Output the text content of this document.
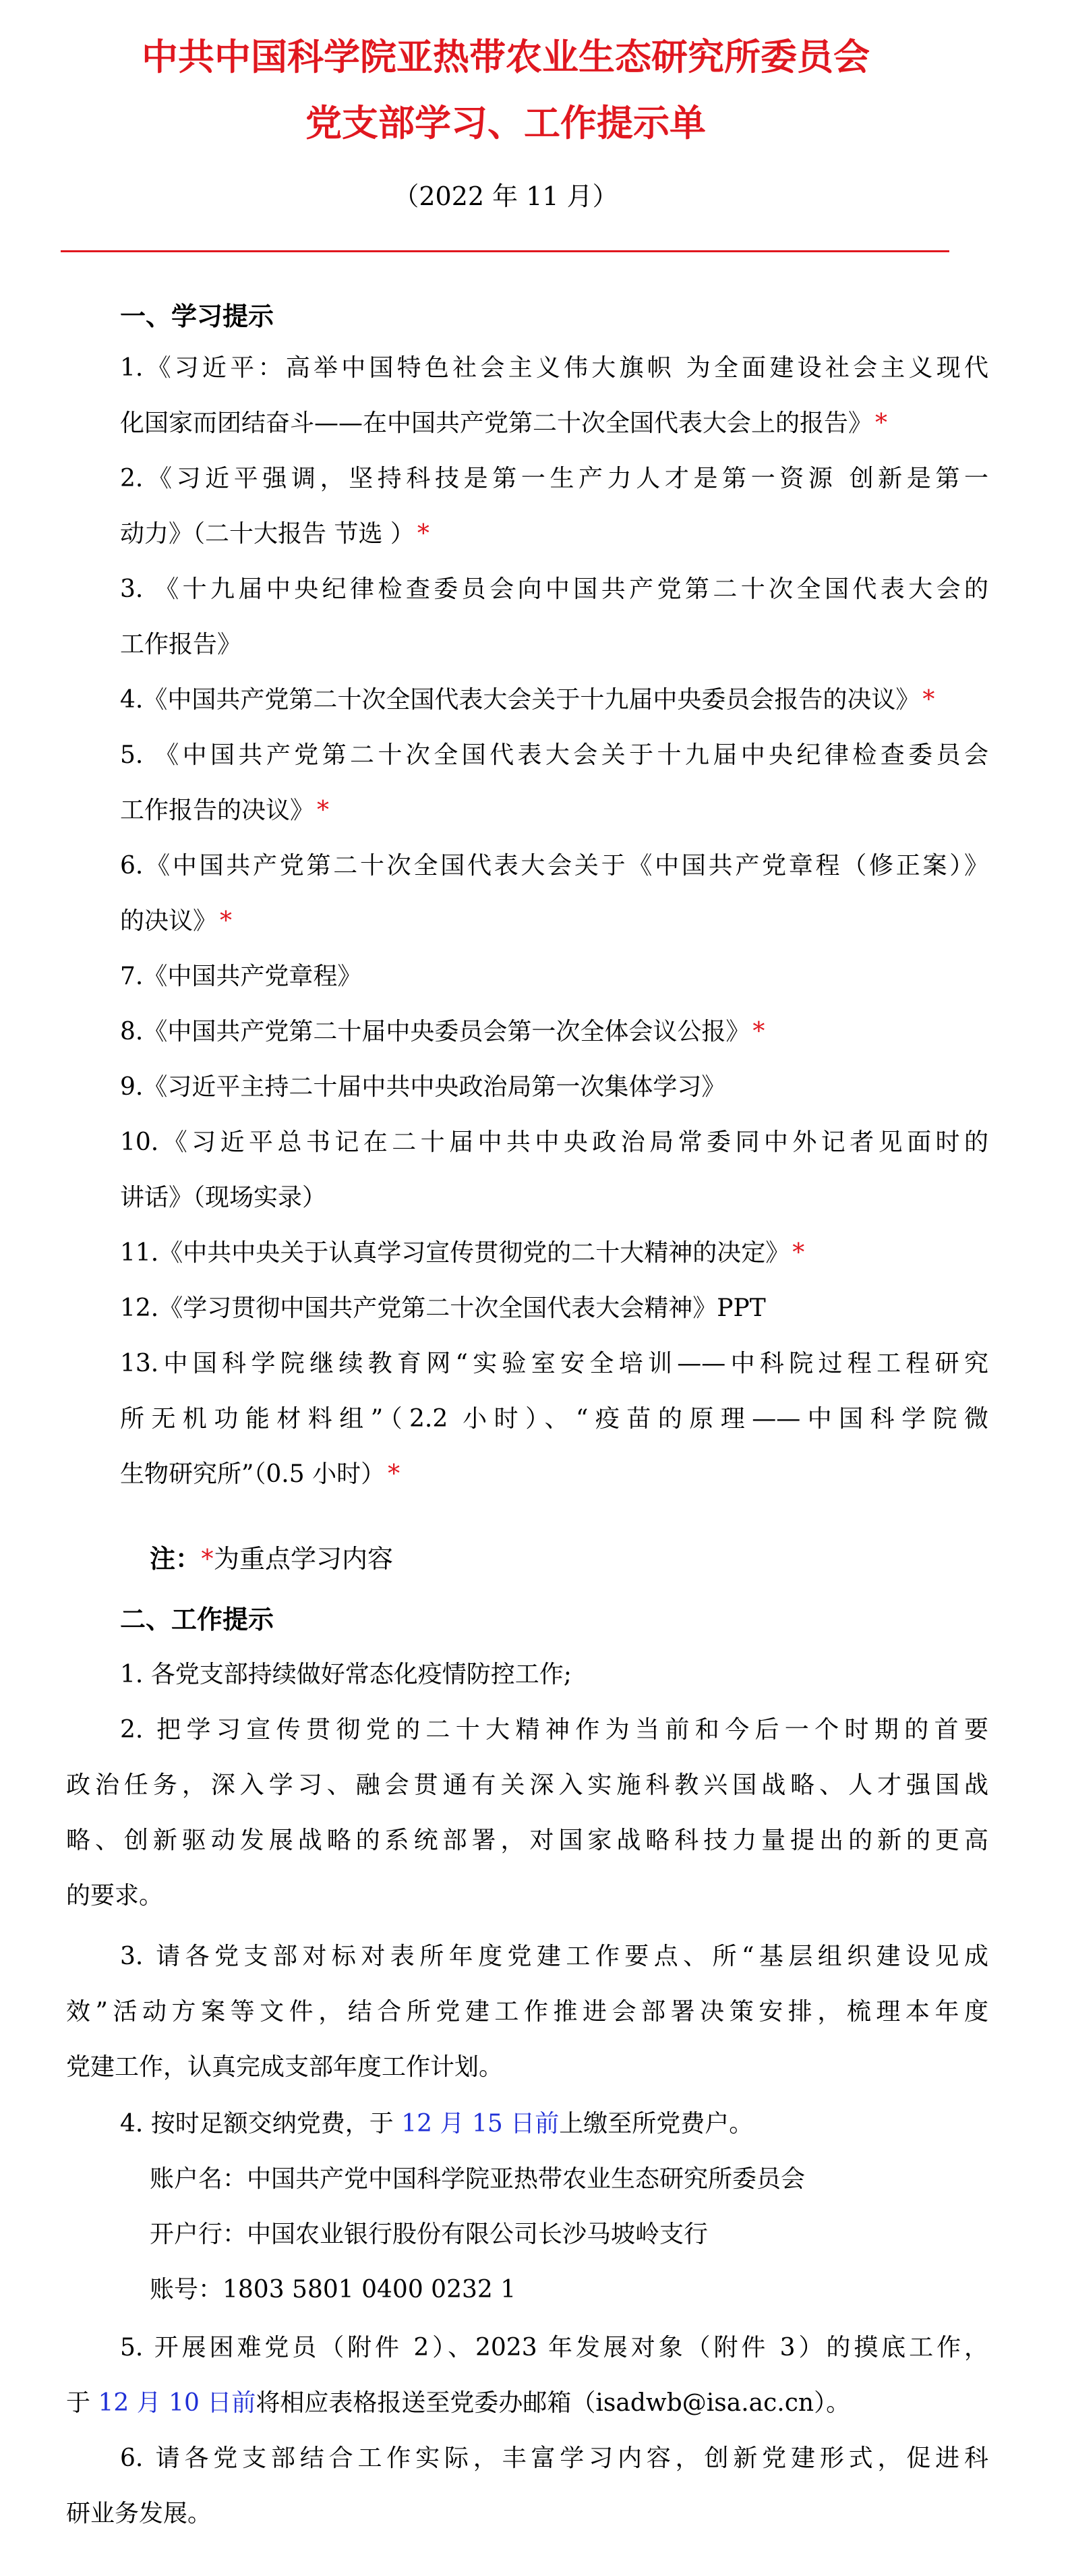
中共中国科学院亚热带农业生态研究所委员会
党支部学习、工作提示单
（2022 年 11 月）
一、学习提示
1.《习近平：高举中国特色社会主义伟大旗帜 为全面建设社会主义现代
化国家而团结奋斗——在中国共产党第二十次全国代表大会上的报告》 *
2.《习近平强调，坚持科技是第一生产力人才是第一资源 创新是第一
动力》（二十大报告 节选 ） *
3. 《十九届中央纪律检查委员会向中国共产党第二十次全国代表大会的
工作报告》
4.《中国共产党第二十次全国代表大会关于十九届中央委员会报告的决议》 *
5. 《中国共产党第二十次全国代表大会关于十九届中央纪律检查委员会
工作报告的决议》 *
6.《中国共产党第二十次全国代表大会关于《中国共产党章程（修正案）》
的决议》 *
7.《中国共产党章程》
8.《中国共产党第二十届中央委员会第一次全体会议公报》 *
9.《习近平主持二十届中共中央政治局第一次集体学习》
10.《习近平总书记在二十届中共中央政治局常委同中外记者见面时的
讲话》（现场实录）
11.《中共中央关于认真学习宣传贯彻党的二十大精神的决定》 *
12.《学习贯彻中国共产党第二十次全国代表大会精神》PPT
13.中国科学院继续教育网“实验室安全培训——中科院过程工程研究
所无机功能材料组”（2.2 小时）、“疫苗的原理——中国科学院微
生物研究所”（0.5 小时） *
注：*为重点学习内容
二、工作提示
1. 各党支部持续做好常态化疫情防控工作;
2. 把学习宣传贯彻党的二十大精神作为当前和今后一个时期的首要
政治任务，深入学习、融会贯通有关深入实施科教兴国战略、人才强国战
略、创新驱动发展战略的系统部署，对国家战略科技力量提出的新的更高
的要求。
3. 请各党支部对标对表所年度党建工作要点、所“基层组织建设见成
效”活动方案等文件，结合所党建工作推进会部署决策安排，梳理本年度
党建工作，认真完成支部年度工作计划。
4. 按时足额交纳党费，于 12 月 15 日前上缴至所党费户。
账户名：中国共产党中国科学院亚热带农业生态研究所委员会
开户行：中国农业银行股份有限公司长沙马坡岭支行
账号：1803 5801 0400 0232 1
5. 开展困难党员（附件 2）、2023 年发展对象（附件 3）的摸底工作，
于 12 月 10 日前将相应表格报送至党委办邮箱（isadwb@isa.ac.cn）。
6. 请各党支部结合工作实际，丰富学习内容，创新党建形式，促进科
研业务发展。
